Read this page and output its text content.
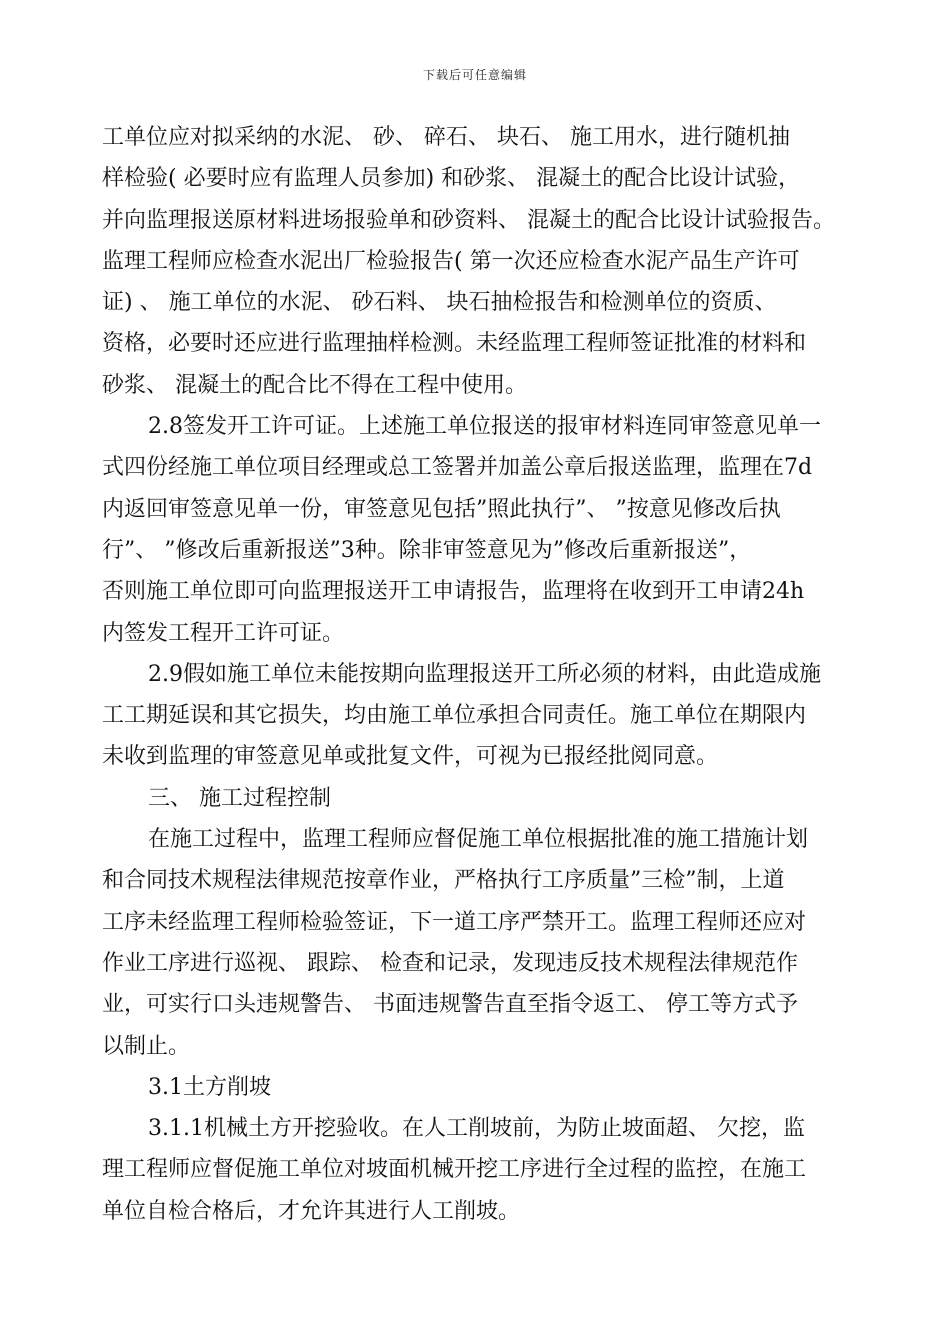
下载后可任意编辑
工单位应对拟采纳的水泥、 砂、 碎石、 块石、 施工用水，进行随机抽
样检验( 必要时应有监理人员参加) 和砂浆、 混凝土的配合比设计试验，
并向监理报送原材料进场报验单和砂资料、 混凝土的配合比设计试验报告。
监理工程师应检查水泥出厂检验报告( 第一次还应检查水泥产品生产许可
证) 、 施工单位的水泥、 砂石料、 块石抽检报告和检测单位的资质、
资格，必要时还应进行监理抽样检测。未经监理工程师签证批准的材料和
砂浆、 混凝土的配合比不得在工程中使用。
2.8签发开工许可证。上述施工单位报送的报审材料连同审签意见单一
式四份经施工单位项目经理或总工签署并加盖公章后报送监理，监理在7d
内返回审签意见单一份，审签意见包括”照此执行”、 ”按意见修改后执
行”、 ”修改后重新报送”3种。除非审签意见为”修改后重新报送”，
否则施工单位即可向监理报送开工申请报告，监理将在收到开工申请24h
内签发工程开工许可证。
2.9假如施工单位未能按期向监理报送开工所必须的材料，由此造成施
工工期延误和其它损失，均由施工单位承担合同责任。施工单位在期限内
未收到监理的审签意见单或批复文件，可视为已报经批阅同意。
三、 施工过程控制
在施工过程中，监理工程师应督促施工单位根据批准的施工措施计划
和合同技术规程法律规范按章作业，严格执行工序质量”三检”制，上道
工序未经监理工程师检验签证，下一道工序严禁开工。监理工程师还应对
作业工序进行巡视、 跟踪、 检查和记录，发现违反技术规程法律规范作
业，可实行口头违规警告、 书面违规警告直至指令返工、 停工等方式予
以制止。
3.1土方削坡
3.1.1机械土方开挖验收。在人工削坡前，为防止坡面超、 欠挖，监
理工程师应督促施工单位对坡面机械开挖工序进行全过程的监控，在施工
单位自检合格后，才允许其进行人工削坡。
